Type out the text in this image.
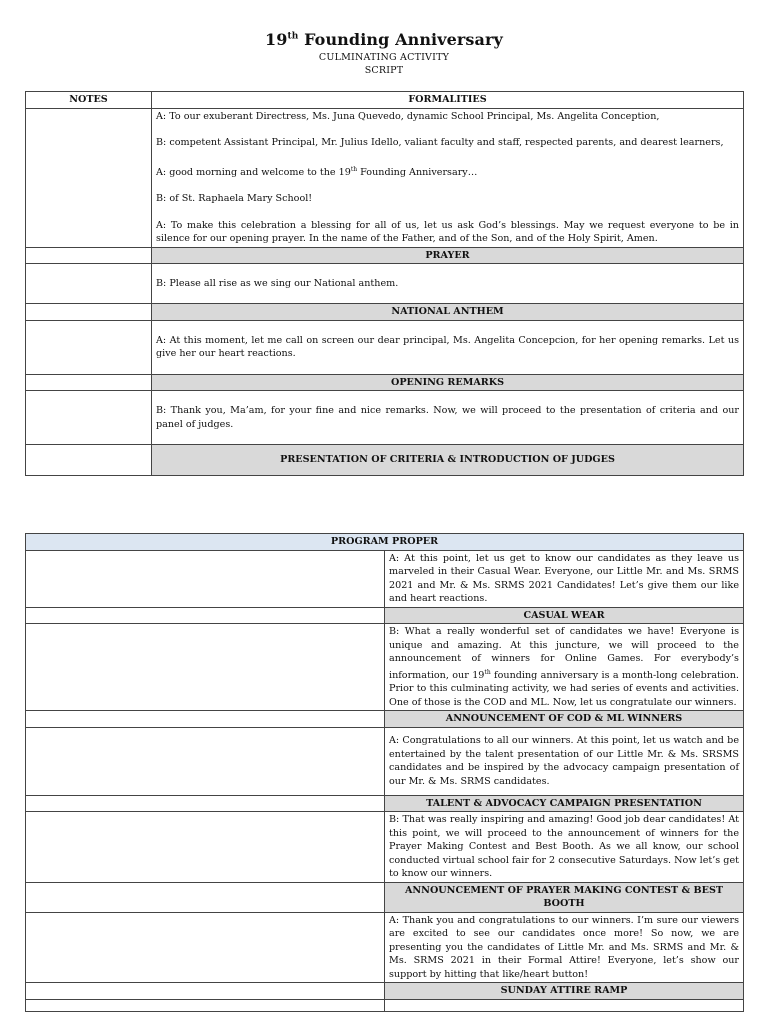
19th Founding Anniversary
CULMINATING ACTIVITY
SCRIPT
NOTES	FORMALITIES

	A: To our exuberant Directress, Ms. Juna Quevedo, dynamic School Principal, Ms. Angelita Conception,

B: competent Assistant Principal, Mr. Julius Idello, valiant faculty and staff, respected parents, and dearest learners,

A: good morning and welcome to the 19th Founding Anniversary…

B: of St. Raphaela Mary School!

A: To make this celebration a blessing for all of us, let us ask God’s blessings. May we request everyone to be in silence for our opening prayer. In the name of the Father, and of the Son, and of the Holy Spirit, Amen.

	PRAYER

	B: Please all rise as we sing our National anthem.

	NATIONAL ANTHEM

	A: At this moment, let me call on screen our dear principal, Ms. Angelita Concepcion, for her opening remarks. Let us give her our heart reactions.

	OPENING REMARKS

	B: Thank you, Ma’am, for your fine and nice remarks. Now, we will proceed to the presentation of criteria and our panel of judges.

	PRESENTATION OF CRITERIA & INTRODUCTION OF JUDGES
PROGRAM PROPER	

	A: At this point, let us get to know our candidates as they leave us marveled in their Casual Wear. Everyone, our Little Mr. and Ms. SRMS 2021 and Mr. & Ms. SRMS 2021 Candidates! Let’s give them our like and heart reactions.

	CASUAL WEAR

	B: What a really wonderful set of candidates we have! Everyone is unique and amazing. At this juncture, we will proceed to the announcement of winners for Online Games. For everybody’s information, our 19th founding anniversary is a month-long celebration. Prior to this culminating activity, we had series of events and activities. One of those is the COD and ML. Now, let us congratulate our winners.

	ANNOUNCEMENT OF COD & ML WINNERS

	A: Congratulations to all our winners. At this point, let us watch and be entertained by the talent presentation of our Little Mr. & Ms. SRSMS candidates and be inspired by the advocacy campaign presentation of our Mr. & Ms. SRMS candidates.

	TALENT & ADVOCACY CAMPAIGN PRESENTATION

	B: That was really inspiring and amazing! Good job dear candidates! At this point, we will proceed to the announcement of winners for the Prayer Making Contest and Best Booth. As we all know, our school conducted virtual school fair for 2 consecutive Saturdays. Now let’s get to know our winners.

	ANNOUNCEMENT OF PRAYER MAKING CONTEST & BEST BOOTH

	A: Thank you and congratulations to our winners. I’m sure our viewers are excited to see our candidates once more! So now, we are presenting you the candidates of Little Mr. and Ms. SRMS and Mr. & Ms. SRMS 2021 in their Formal Attire! Everyone, let’s show our support by hitting that like/heart button!

	SUNDAY ATTIRE RAMP
